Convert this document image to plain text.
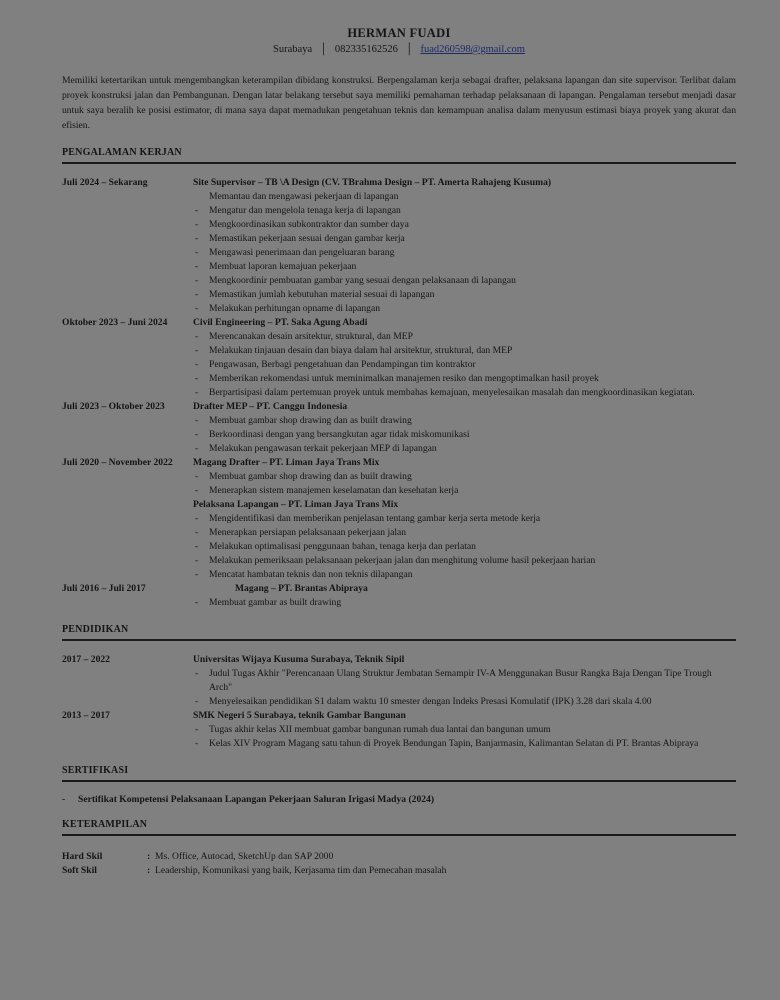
HERMAN FUADI
Surabaya │ 082335162526 │ fuad260598@gmail.com
Memiliki ketertarikan untuk mengembangkan keterampilan dibidang konstruksi. Berpengalaman kerja sebagai drafter, pelaksana lapangan dan site supervisor. Terlibat dalam proyek konstruksi jalan dan Pembangunan. Dengan latar belakang tersebut saya memiliki pemahaman terhadap pelaksanaan di lapangan. Pengalaman tersebut menjadi dasar untuk saya beralih ke posisi estimator, di mana saya dapat memadukan pengetahuan teknis dan kemampuan analisa dalam menyusun estimasi biaya proyek yang akurat dan efisien.
PENGALAMAN KERJAN
Juli 2024 – Sekarang	Site Supervisor – TB \A Design (CV. TBrahma Design – PT. Amerta Rahajeng Kusuma)
Memantau dan mengawasi pekerjaan di lapangan
- Mengatur dan mengelola tenaga kerja di lapangan
- Mengkoordinasikan subkontraktor dan sumber daya
- Memastikan pekerjaan sesuai dengan gambar kerja
- Mengawasi penerimaan dan pengeluaran barang
- Membuat laporan kemajuan pekerjaan
- Mengkoordinir pembuatan gambar yang sesuai dengan pelaksanaan di lapangan
- Memastikan jumlah kebutuhan material sesuai di lapangan
- Melakukan perhitungan opname di lapangan
Oktober 2023 – Juni 2024	Civil Engineering – PT. Saka Agung Abadi
- Merencanakan desain arsitektur, struktural, dan MEP
- Melakukan tinjauan desain dan biaya dalam hal arsitektur, struktural, dan MEP
- Pengawasan, Berbagi pengetahuan dan Pendampingan tim kontraktor
- Memberikan rekomendasi untuk meminimalkan manajemen resiko dan mengoptimalkan hasil proyek
- Berpartisipasi dalam pertemuan proyek untuk membahas kemajuan, menyelesaikan masalah dan mengkoordinasikan kegiatan.
Juli 2023 – Oktober 2023	Drafter MEP – PT. Canggu Indonesia
- Membuat gambar shop drawing dan as built drawing
- Berkoordinasi dengan yang bersangkutan agar tidak miskomunikasi
- Melakukan pengawasan terkait pekerjaan MEP di lapangan
Juli 2020 – November 2022	Magang Drafter – PT. Liman Jaya Trans Mix
- Membuat gambar shop drawing dan as built drawing
- Menerapkan sistem manajemen keselamatan dan kesehatan kerja
Pelaksana Lapangan – PT. Liman Jaya Trans Mix
- Mengidentifikasi dan memberikan penjelasan tentang gambar kerja serta metode kerja
- Menerapkan persiapan pelaksanaan pekerjaan jalan
- Melakukan optimalisasi penggunaan bahan, tenaga kerja dan perlatan
- Melakukan pemeriksaan pelaksanaan pekerjaan jalan dan menghitung volume hasil pekerjaan harian
- Mencatat hambatan teknis dan non teknis dilapangan
Juli 2016 – Juli 2017	Magang – PT. Brantas Abipraya
- Membuat gambar as built drawing
PENDIDIKAN
2017 – 2022	Universitas Wijaya Kusuma Surabaya, Teknik Sipil
- Judul Tugas Akhir "Perencanaan Ulang Struktur Jembatan Semampir IV-A Menggunakan Busur Rangka Baja Dengan Tipe Trough Arch"
- Menyelesaikan pendidikan S1 dalam waktu 10 smester dengan Indeks Presasi Komulatif (IPK) 3.28 dari skala 4.00
2013 – 2017	SMK Negeri 5 Surabaya, teknik Gambar Bangunan
- Tugas akhir kelas XII membuat gambar bangunan rumah dua lantai dan bangunan umum
- Kelas XIV Program Magang satu tahun di Proyek Bendungan Tapin, Banjarmasin, Kalimantan Selatan di PT. Brantas Abipraya
SERTIFIKASI
-	Sertifikat Kompetensi Pelaksanaan Lapangan Pekerjaan Saluran Irigasi Madya (2024)
KETERAMPILAN
Hard Skil	: Ms. Office, Autocad, SketchUp dan SAP 2000
Soft Skil	: Leadership, Komunikasi yang baik, Kerjasama tim dan Pemecahan masalah
